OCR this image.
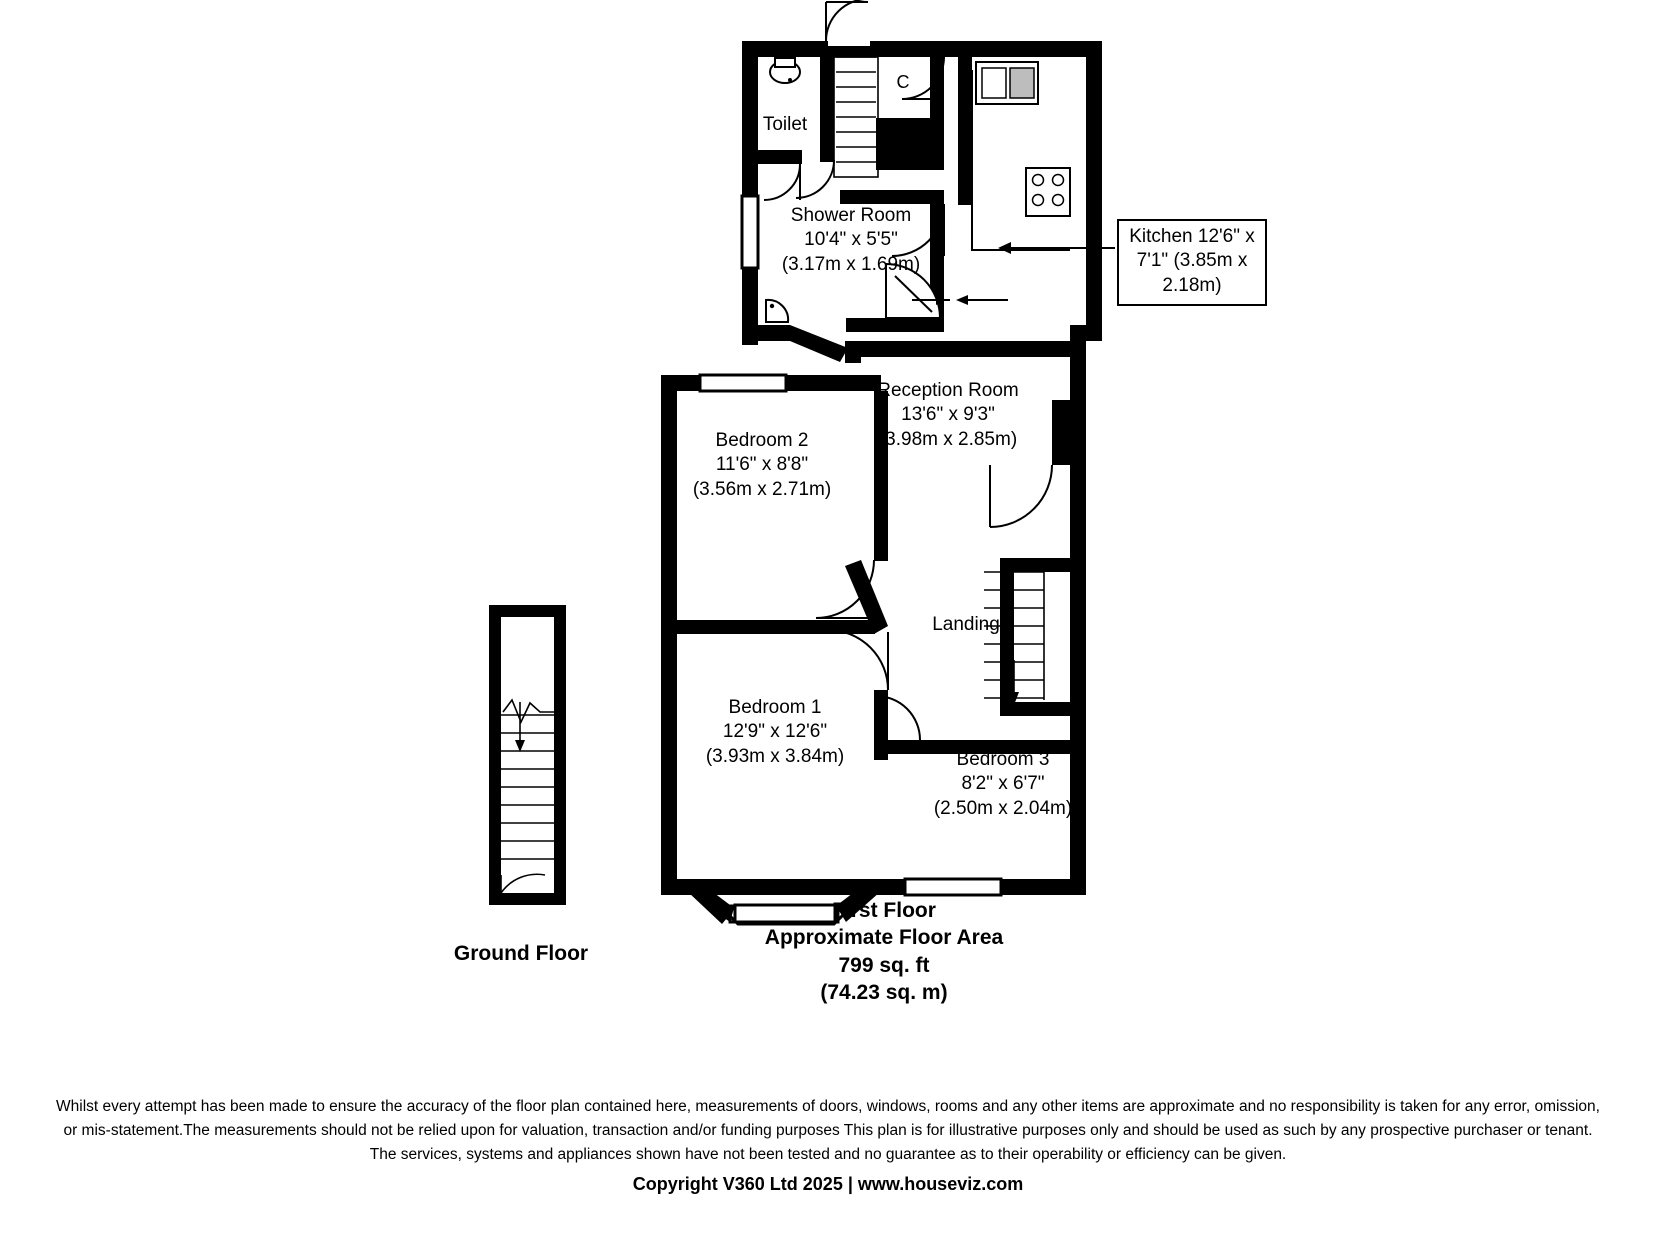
Toilet
C
Shower Room
10'4" x 5'5"
(3.17m x 1.69m)
Kitchen 12'6" x 7'1" (3.85m x 2.18m)
Reception Room
13'6" x 9'3"
(3.98m x 2.85m)
Bedroom 2
11'6" x 8'8"
(3.56m x 2.71m)
Landing
Bedroom 1
12'9" x 12'6"
(3.93m x 3.84m)	Bedroom 3
8'2" x 6'7"
(2.50m x 2.04m)
Ground Floor
First Floor
Approximate Floor Area
799 sq. ft
(74.23 sq. m)
Whilst every attempt has been made to ensure the accuracy of the floor plan contained here, measurements of doors, windows, rooms and any other items are approximate and no responsibility is taken for any error, omission,
or mis-statement.The measurements should not be relied upon for valuation, transaction and/or funding purposes This plan is for illustrative purposes only and should be used as such by any prospective purchaser or tenant.
The services, systems and appliances shown have not been tested and no guarantee as to their operability or efficiency can be given.
Copyright V360 Ltd 2025 | www.houseviz.com
